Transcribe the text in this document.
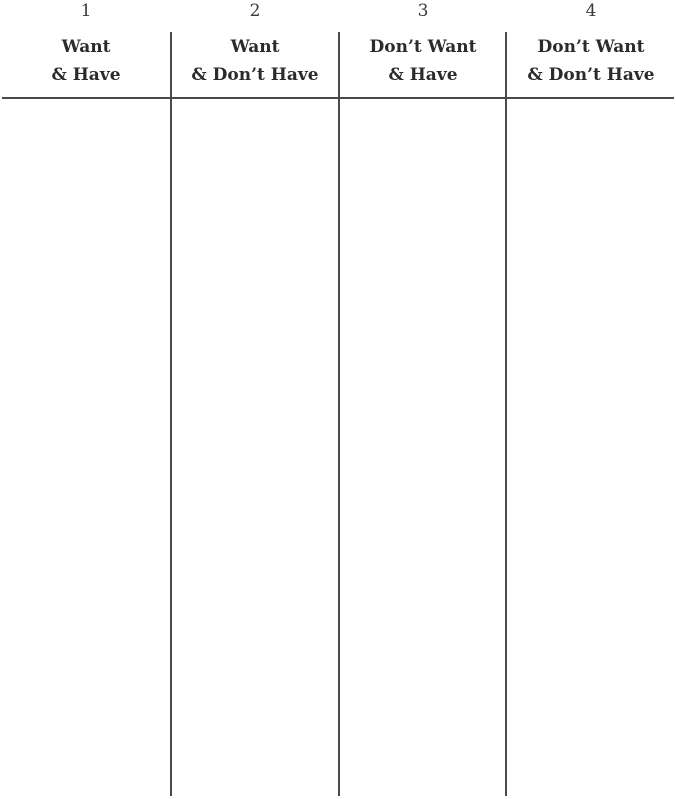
1
Want
& Have
2
Want
& Don’t Have
3
Don’t Want
& Have
4
Don’t Want
& Don’t Have
